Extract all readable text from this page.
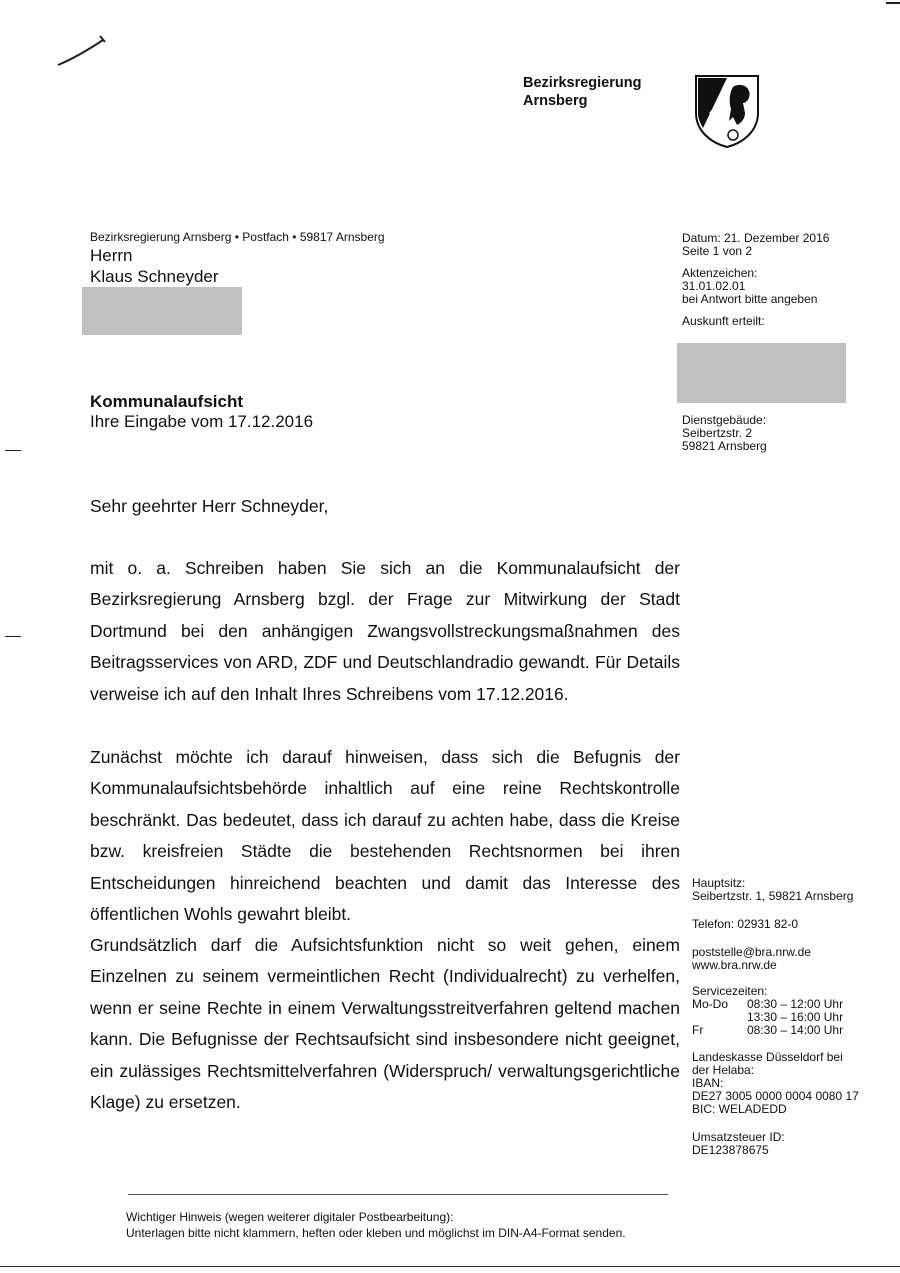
Bezirksregierung
Arnsberg
Bezirksregierung Arnsberg • Postfach • 59817 Arnsberg
Herrn
Klaus Schneyder
Datum: 21. Dezember 2016
Seite 1 von 2
Aktenzeichen:
31.01.02.01
bei Antwort bitte angeben
Auskunft erteilt:
Dienstgebäude:
Seibertzstr. 2
59821 Arnsberg
Kommunalaufsicht
Ihre Eingabe vom 17.12.2016
Sehr geehrter Herr Schneyder,

mit o. a. Schreiben haben Sie sich an die Kommunalaufsicht der Bezirksregierung Arnsberg bzgl. der Frage zur Mitwirkung der Stadt Dortmund bei den anhängigen Zwangsvollstreckungsmaßnahmen des Beitragsservices von ARD, ZDF und Deutschlandradio gewandt. Für Details verweise ich auf den Inhalt Ihres Schreibens vom 17.12.2016.

Zunächst möchte ich darauf hinweisen, dass sich die Befugnis der Kommunalaufsichtsbehörde inhaltlich auf eine reine Rechtskontrolle beschränkt. Das bedeutet, dass ich darauf zu achten habe, dass die Kreise bzw. kreisfreien Städte die bestehenden Rechtsnormen bei ihren Entscheidungen hinreichend beachten und damit das Interesse des öffentlichen Wohls gewahrt bleibt.

Grundsätzlich darf die Aufsichtsfunktion nicht so weit gehen, einem Einzelnen zu seinem vermeintlichen Recht (Individualrecht) zu verhelfen, wenn er seine Rechte in einem Verwaltungsstreitverfahren geltend machen kann. Die Befugnisse der Rechtsaufsicht sind insbesondere nicht geeignet, ein zulässiges Rechtsmittelverfahren (Widerspruch/ verwaltungsgerichtliche Klage) zu ersetzen.

Hauptsitz:
Seibertzstr. 1, 59821 Arnsberg
Telefon: 02931 82-0
poststelle@bra.nrw.de
www.bra.nrw.de
Servicezeiten:
Mo-Do 08:30 – 12:00 Uhr
13:30 – 16:00 Uhr
Fr	08:30 – 14:00 Uhr
Landeskasse Düsseldorf bei
der Helaba:
IBAN:
DE27 3005 0000 0004 0080 17
BIC: WELADEDD
Umsatzsteuer ID:
DE123878675
Wichtiger Hinweis (wegen weiterer digitaler Postbearbeitung):
Unterlagen bitte nicht klammern, heften oder kleben und möglichst im DIN-A4-Format senden.
